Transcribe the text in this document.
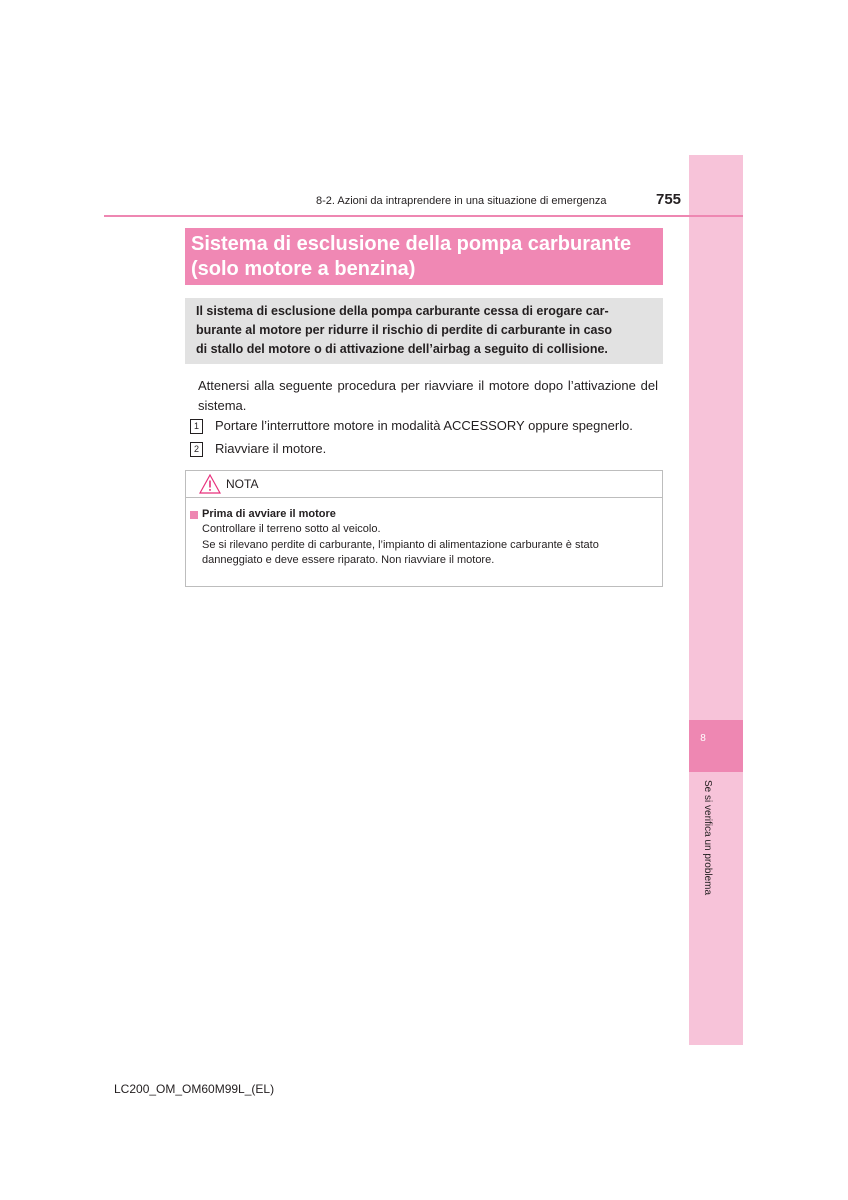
8
Se si verifica un problema
8-2. Azioni da intraprendere in una situazione di emergenza	755

Sistema di esclusione della pompa carburante

(solo motore a benzina)

Il sistema di esclusione della pompa carburante cessa di erogare car-

burante al motore per ridurre il rischio di perdite di carburante in caso

di stallo del motore o di attivazione dell’airbag a seguito di collisione.

Attenersi alla seguente procedura per riavviare il motore dopo l’attivazione del sistema.

1	Portare l’interruttore motore in modalità ACCESSORY oppure spegnerlo.
2	Riavviare il motore.
NOTA
Prima di avviare il motore

Controllare il terreno sotto al veicolo.

Se si rilevano perdite di carburante, l’impianto di alimentazione carburante è stato

danneggiato e deve essere riparato. Non riavviare il motore.

LC200_OM_OM60M99L_(EL)
